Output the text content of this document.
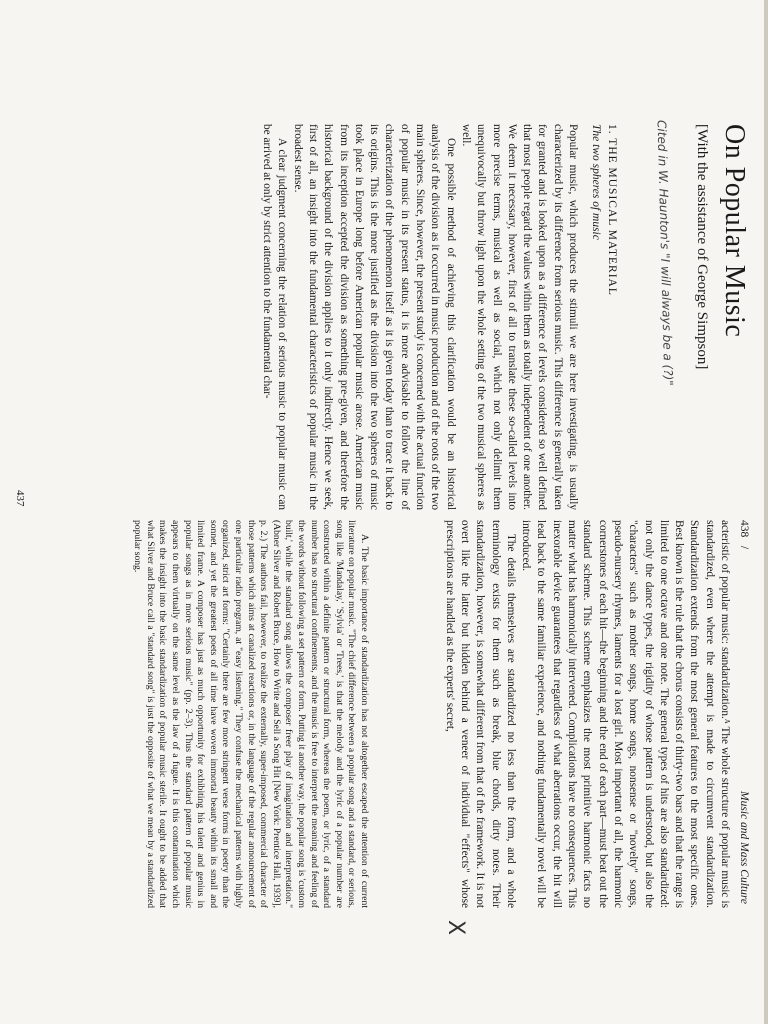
On Popular Music
[With the assistance of George Simpson]
Cited in W. Haunton's "I will always be a (?)"
1. THE MUSICAL MATERIAL
The two spheres of music

Popular music, which produces the stimuli we are here investigating, is usually characterized by its difference from serious music. This difference is generally taken for granted and is looked upon as a difference of levels considered so well defined that most people regard the values within them as totally independent of one another. We deem it necessary, however, first of all to translate these so-called levels into more precise terms, musical as well as social, which not only delimit them unequivocally but throw light upon the whole setting of the two musical spheres as well.

One possible method of achieving this clarification would be an historical analysis of the division as it occurred in music production and of the roots of the two main spheres. Since, however, the present study is concerned with the actual function of popular music in its present status, it is more advisable to follow the line of characterization of the phenomenon itself as it is given today than to trace it back to its origins. This is the more justified as the division into the two spheres of music took place in Europe long before American popular music arose. American music from its inception accepted the division as something pre-given, and therefore the historical background of the division applies to it only indirectly. Hence we seek, first of all, an insight into the fundamental characteristics of popular music in the broadest sense.

A clear judgment concerning the relation of serious music to popular music can be arrived at only by strict attention to the fundamental char-

437
438   /
Music and Mass Culture

acteristic of popular music: standardization.ᴬ The whole structure of popular music is standardized, even where the attempt is made to circumvent standardization. Standardization extends from the most general features to the most specific ones. Best known is the rule that the chorus consists of thirty-two bars and that the range is limited to one octave and one note. The general types of hits are also standardized: not only the dance types, the rigidity of whose pattern is understood, but also the "characters" such as mother songs, home songs, nonsense or "novelty" songs, pseudo-nursery rhymes, laments for a lost girl. Most important of all, the harmonic cornerstones of each hit—the beginning and the end of each part—must beat out the standard scheme. This scheme emphasizes the most primitive harmonic facts no matter what has harmonically intervened. Complications have no consequences. This inexorable device guarantees that regardless of what aberrations occur, the hit will lead back to the same familiar experience, and nothing fundamentally novel will be introduced.

The details themselves are standardized no less than the form, and a whole terminology exists for them such as break, blue chords, dirty notes. Their standardization, however, is somewhat different from that of the framework. It is not overt like the latter but hidden behind a veneer of individual "effects" whose prescriptions are handled as the experts' secret,

A. The basic importance of standardization has not altogether escaped the attention of current literature on popular music. "The chief difference between a popular song and a standard, or serious, song like 'Mandalay,' 'Sylvia' or 'Trees,' is that the melody and the lyric of a popular number are constructed within a definite pattern or structural form, whereas the poem, or lyric, of a standard number has no structural confinements, and the music is free to interpret the meaning and feeling of the words without following a set pattern or form. Putting it another way, the popular song is 'custom built,' while the standard song allows the composer freer play of imagination and interpretation." (Abner Silver and Robert Bruce, How to Write and Sell a Song Hit [New York: Prentice Hall, 1939], p. 2.) The authors fail, however, to realize the externally, super-imposed, commercial character of those patterns which aims at canalized reactions or, in the language of the regular announcement of one particular radio program, at "easy listening." They confuse the mechanical patterns with highly organized, strict art forms: "Certainly there are few more stringent verse forms in poetry than the sonnet, and yet the greatest poets of all time have woven immortal beauty within its small and limited frame. A composer has just as much opportunity for exhibiting his talent and genius in popular songs as in more serious music" (pp. 2–3). Thus the standard pattern of popular music appears to them virtually on the same level as the law of a fugue. It is this contamination which makes the insight into the basic standardization of popular music sterile. It ought to be added that what Silver and Bruce call a "standard song" is just the opposite of what we mean by a standardized popular song.

X
